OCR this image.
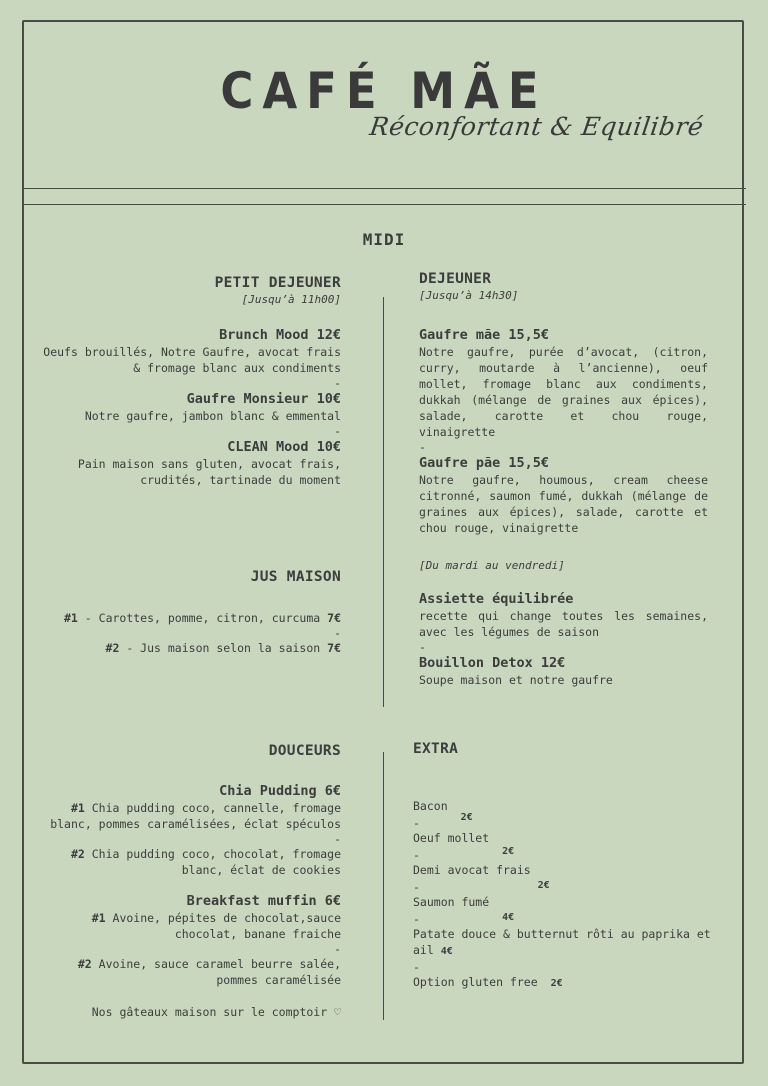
CAFÉ MÃE
Réconfortant & Equilibré
MIDI
PETIT DEJEUNER
[Jusqu’à 11h00]
Brunch Mood 12€
Oeufs brouillés, Notre Gaufre, avocat frais & fromage blanc aux condiments
-
Gaufre Monsieur 10€
Notre gaufre, jambon blanc & emmental
-
CLEAN Mood 10€
Pain maison sans gluten, avocat frais, crudités, tartinade du moment
JUS MAISON
#1 - Carottes, pomme, citron, curcuma 7€
-
#2 - Jus maison selon la saison 7€
DOUCEURS
Chia Pudding 6€
#1 Chia pudding coco, cannelle, fromage blanc, pommes caramélisées, éclat spéculos
-
#2 Chia pudding coco, chocolat, fromage blanc, éclat de cookies
Breakfast muffin 6€
#1 Avoine, pépites de chocolat,sauce chocolat, banane fraiche
-
#2 Avoine, sauce caramel beurre salée, pommes caramélisée
Nos gâteaux maison sur le comptoir ♡
DEJEUNER
[Jusqu’à 14h30]
Gaufre mãe 15,5€
Notre gaufre, purée d’avocat, (citron, curry, moutarde à l’ancienne), oeuf mollet, fromage blanc aux condiments, dukkah (mélange de graines aux épices), salade, carotte et chou rouge, vinaigrette
-
Gaufre pãe 15,5€
Notre gaufre, houmous, cream cheese citronné, saumon fumé, dukkah (mélange de graines aux épices), salade, carotte et chou rouge, vinaigrette
[Du mardi au vendredi]
Assiette équilibrée
recette qui change toutes les semaines, avec les légumes de saison
-
Bouillon Detox 12€
Soupe maison et notre gaufre
EXTRA
Bacon 2€
-
Oeuf mollet 2€
-
Demi avocat frais 2€
-
Saumon fumé 4€
-
Patate douce & butternut rôti au paprika et ail 4€
-
Option gluten free 2€
